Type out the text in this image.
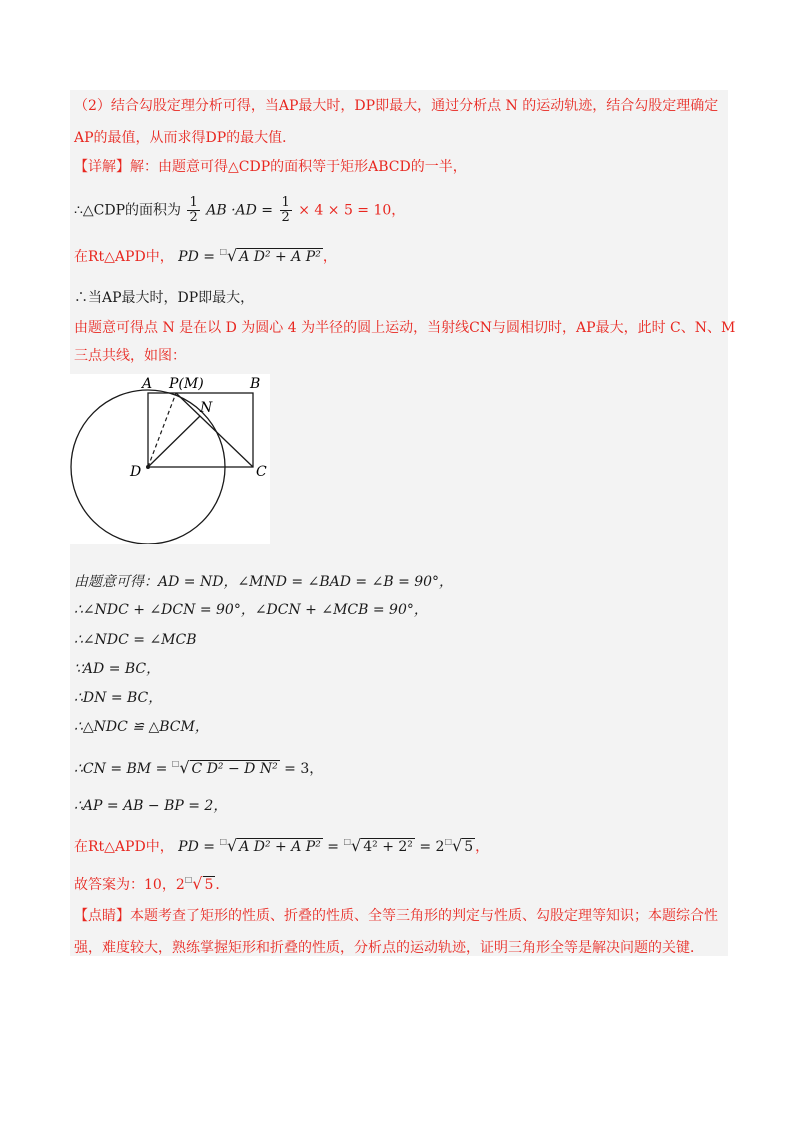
（2）结合勾股定理分析可得，当AP最大时，DP即最大，通过分析点 N 的运动轨迹，结合勾股定理确定
AP的最值，从而求得DP的最大值．
【详解】解：由题意可得△CDP的面积等于矩形ABCD的一半，
∴△CDP的面积为 $\frac{1}{2}$ AB $\cdot AD = \frac{1}{2} \times 4 \times 5 = 10$，
在Rt△APD中， PD = □√ A D² + A P² ，
∴当AP最大时，DP即最大，
由题意可得点 N 是在以 D 为圆心 4 为半径的圆上运动，当射线CN与圆相切时，AP最大，此时 C、N、M
三点共线，如图：
A P(M)	B
N
D	C
由题意可得：AD = ND，∠MND = ∠BAD = ∠B = 90°，
∴∠NDC + ∠DCN = 90°，∠DCN + ∠MCB = 90°，
∴∠NDC = ∠MCB
∵AD = BC，
∴DN = BC，
∴△NDC ≌ △BCM，
∴CN = BM = □√ C D² − D N² = 3，
∴AP = AB − BP = 2，
在Rt△APD中， PD = □√ A D² + A P² = □√ 4² + 2² = 2□√ 5 ，
故答案为：10，2□√ 5 ．
【点睛】本题考查了矩形的性质、折叠的性质、全等三角形的判定与性质、勾股定理等知识；本题综合性
强，难度较大，熟练掌握矩形和折叠的性质，分析点的运动轨迹，证明三角形全等是解决问题的关键．
